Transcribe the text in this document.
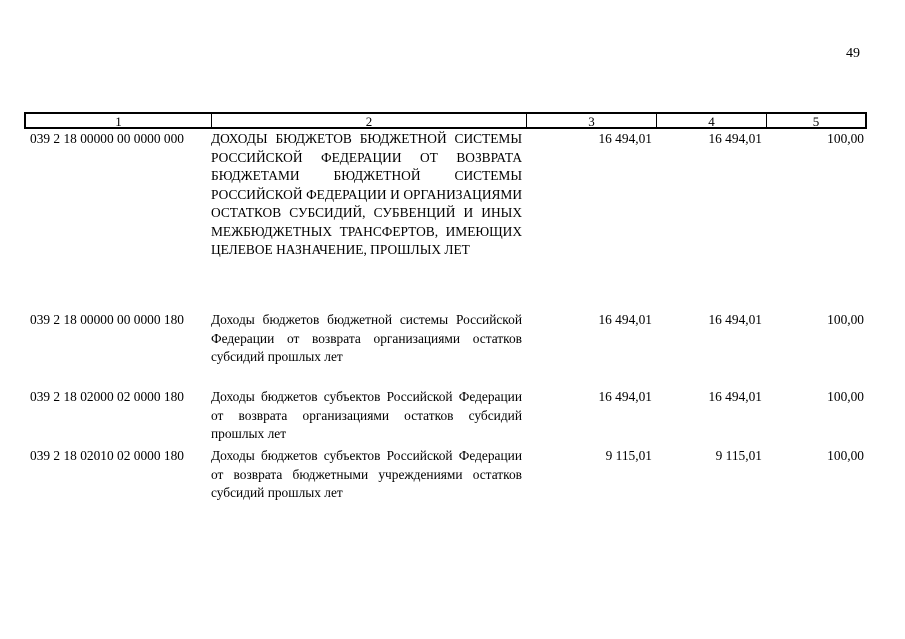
49
1	2	3	4	5
039 2 18 00000 00 0000 000 ДОХОДЫ БЮДЖЕТОВ БЮДЖЕТНОЙ СИСТЕМЫ РОССИЙСКОЙ ФЕДЕРАЦИИ ОТ ВОЗВРАТА БЮДЖЕТАМИ БЮДЖЕТНОЙ СИСТЕМЫ РОССИЙСКОЙ ФЕДЕРАЦИИ И ОРГАНИЗАЦИЯМИ ОСТАТКОВ СУБСИДИЙ, СУБВЕНЦИЙ И ИНЫХ МЕЖБЮДЖЕТНЫХ ТРАНСФЕРТОВ, ИМЕЮЩИХ ЦЕЛЕВОЕ НАЗНАЧЕНИЕ, ПРОШЛЫХ ЛЕТ
16 494,01	16 494,01	100,00
039 2 18 00000 00 0000 180 Доходы бюджетов бюджетной системы Российской Федерации от возврата организациями остатков субсидий прошлых лет
16 494,01	16 494,01	100,00
039 2 18 02000 02 0000 180 Доходы бюджетов субъектов Российской Федерации от возврата организациями остатков субсидий прошлых лет
16 494,01	16 494,01	100,00
039 2 18 02010 02 0000 180 Доходы бюджетов субъектов Российской Федерации от возврата бюджетными учреждениями остатков субсидий прошлых лет
9 115,01	9 115,01	100,00
